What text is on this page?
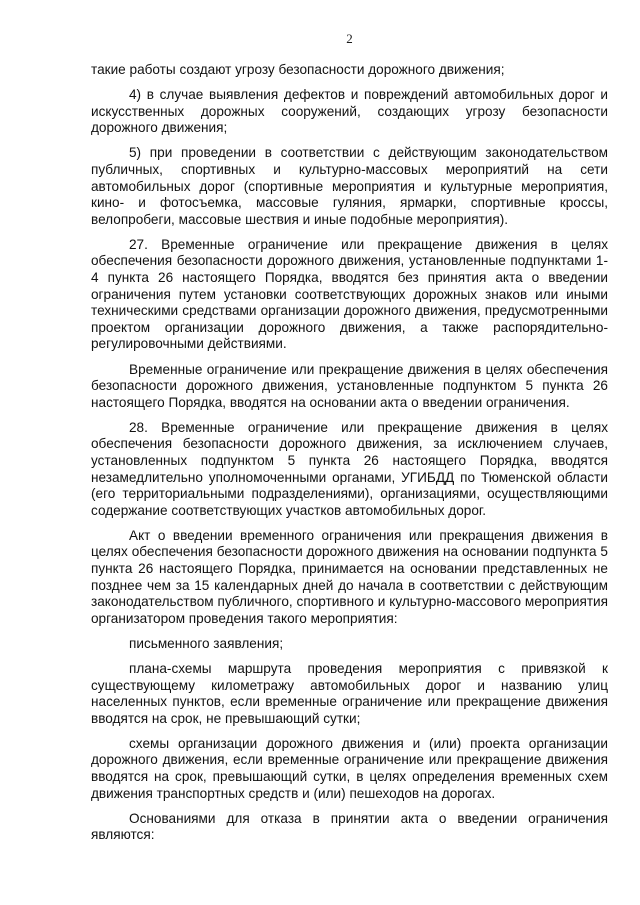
2

такие работы создают угрозу безопасности дорожного движения;

4) в случае выявления дефектов и повреждений автомобильных дорог и искусственных дорожных сооружений, создающих угрозу безопасности дорожного движения;

5) при проведении в соответствии с действующим законодательством публичных, спортивных и культурно-массовых мероприятий на сети автомобильных дорог (спортивные мероприятия и культурные мероприятия, кино- и фотосъемка, массовые гуляния, ярмарки, спортивные кроссы, велопробеги, массовые шествия и иные подобные мероприятия).

27. Временные ограничение или прекращение движения в целях обеспечения безопасности дорожного движения, установленные подпунктами 1-4 пункта 26 настоящего Порядка, вводятся без принятия акта о введении ограничения путем установки соответствующих дорожных знаков или иными техническими средствами организации дорожного движения, предусмотренными проектом организации дорожного движения, а также распорядительно-регулировочными действиями.

Временные ограничение или прекращение движения в целях обеспечения безопасности дорожного движения, установленные подпунктом 5 пункта 26 настоящего Порядка, вводятся на основании акта о введении ограничения.

28. Временные ограничение или прекращение движения в целях обеспечения безопасности дорожного движения, за исключением случаев, установленных подпунктом 5 пункта 26 настоящего Порядка, вводятся незамедлительно уполномоченными органами, УГИБДД по Тюменской области (его территориальными подразделениями), организациями, осуществляющими содержание соответствующих участков автомобильных дорог.

Акт о введении временного ограничения или прекращения движения в целях обеспечения безопасности дорожного движения на основании подпункта 5 пункта 26 настоящего Порядка, принимается на основании представленных не позднее чем за 15 календарных дней до начала в соответствии с действующим законодательством публичного, спортивного и культурно-массового мероприятия организатором проведения такого мероприятия:

письменного заявления;

плана-схемы маршрута проведения мероприятия с привязкой к существующему километражу автомобильных дорог и названию улиц населенных пунктов, если временные ограничение или прекращение движения вводятся на срок, не превышающий сутки;

схемы организации дорожного движения и (или) проекта организации дорожного движения, если временные ограничение или прекращение движения вводятся на срок, превышающий сутки, в целях определения временных схем движения транспортных средств и (или) пешеходов на дорогах.

Основаниями для отказа в принятии акта о введении ограничения являются:
